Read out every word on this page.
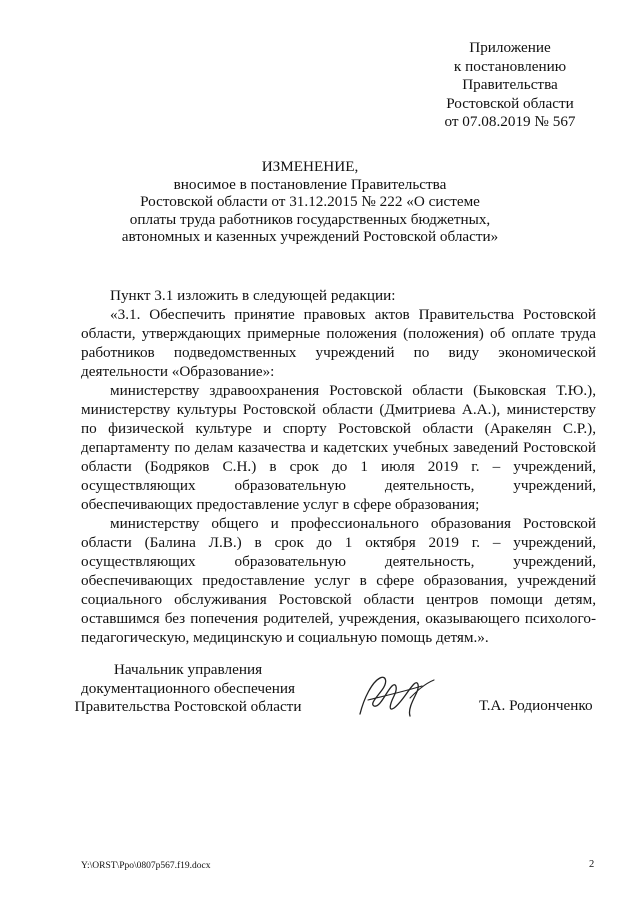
Приложение
к постановлению
Правительства
Ростовской области
от 07.08.2019 № 567
ИЗМЕНЕНИЕ,
вносимое в постановление Правительства
Ростовской области от 31.12.2015 № 222 «О системе
оплаты труда работников государственных бюджетных,
автономных и казенных учреждений Ростовской области»

Пункт 3.1 изложить в следующей редакции:

«3.1. Обеспечить принятие правовых актов Правительства Ростовской области, утверждающих примерные положения (положения) об оплате труда работников подведомственных учреждений по виду экономической деятельности «Образование»:

министерству здравоохранения Ростовской области (Быковская Т.Ю.), министерству культуры Ростовской области (Дмитриева А.А.), министерству по физической культуре и спорту Ростовской области (Аракелян С.Р.), департаменту по делам казачества и кадетских учебных заведений Ростовской области (Бодряков С.Н.) в срок до 1 июля 2019 г. – учреждений, осуществляющих образовательную деятельность, учреждений, обеспечивающих предоставление услуг в сфере образования;

министерству общего и профессионального образования Ростовской области (Балина Л.В.) в срок до 1 октября 2019 г. – учреждений, осуществляющих образовательную деятельность, учреждений, обеспечивающих предоставление услуг в сфере образования, учреждений социального обслуживания Ростовской области центров помощи детям, оставшимся без попечения родителей, учреждения, оказывающего психолого-педагогическую, медицинскую и социальную помощь детям.».

Начальник управления
документационного обеспечения
Правительства Ростовской области	Т.А. Родионченко
Y:\ORST\Ppo\0807p567.f19.docx	2
